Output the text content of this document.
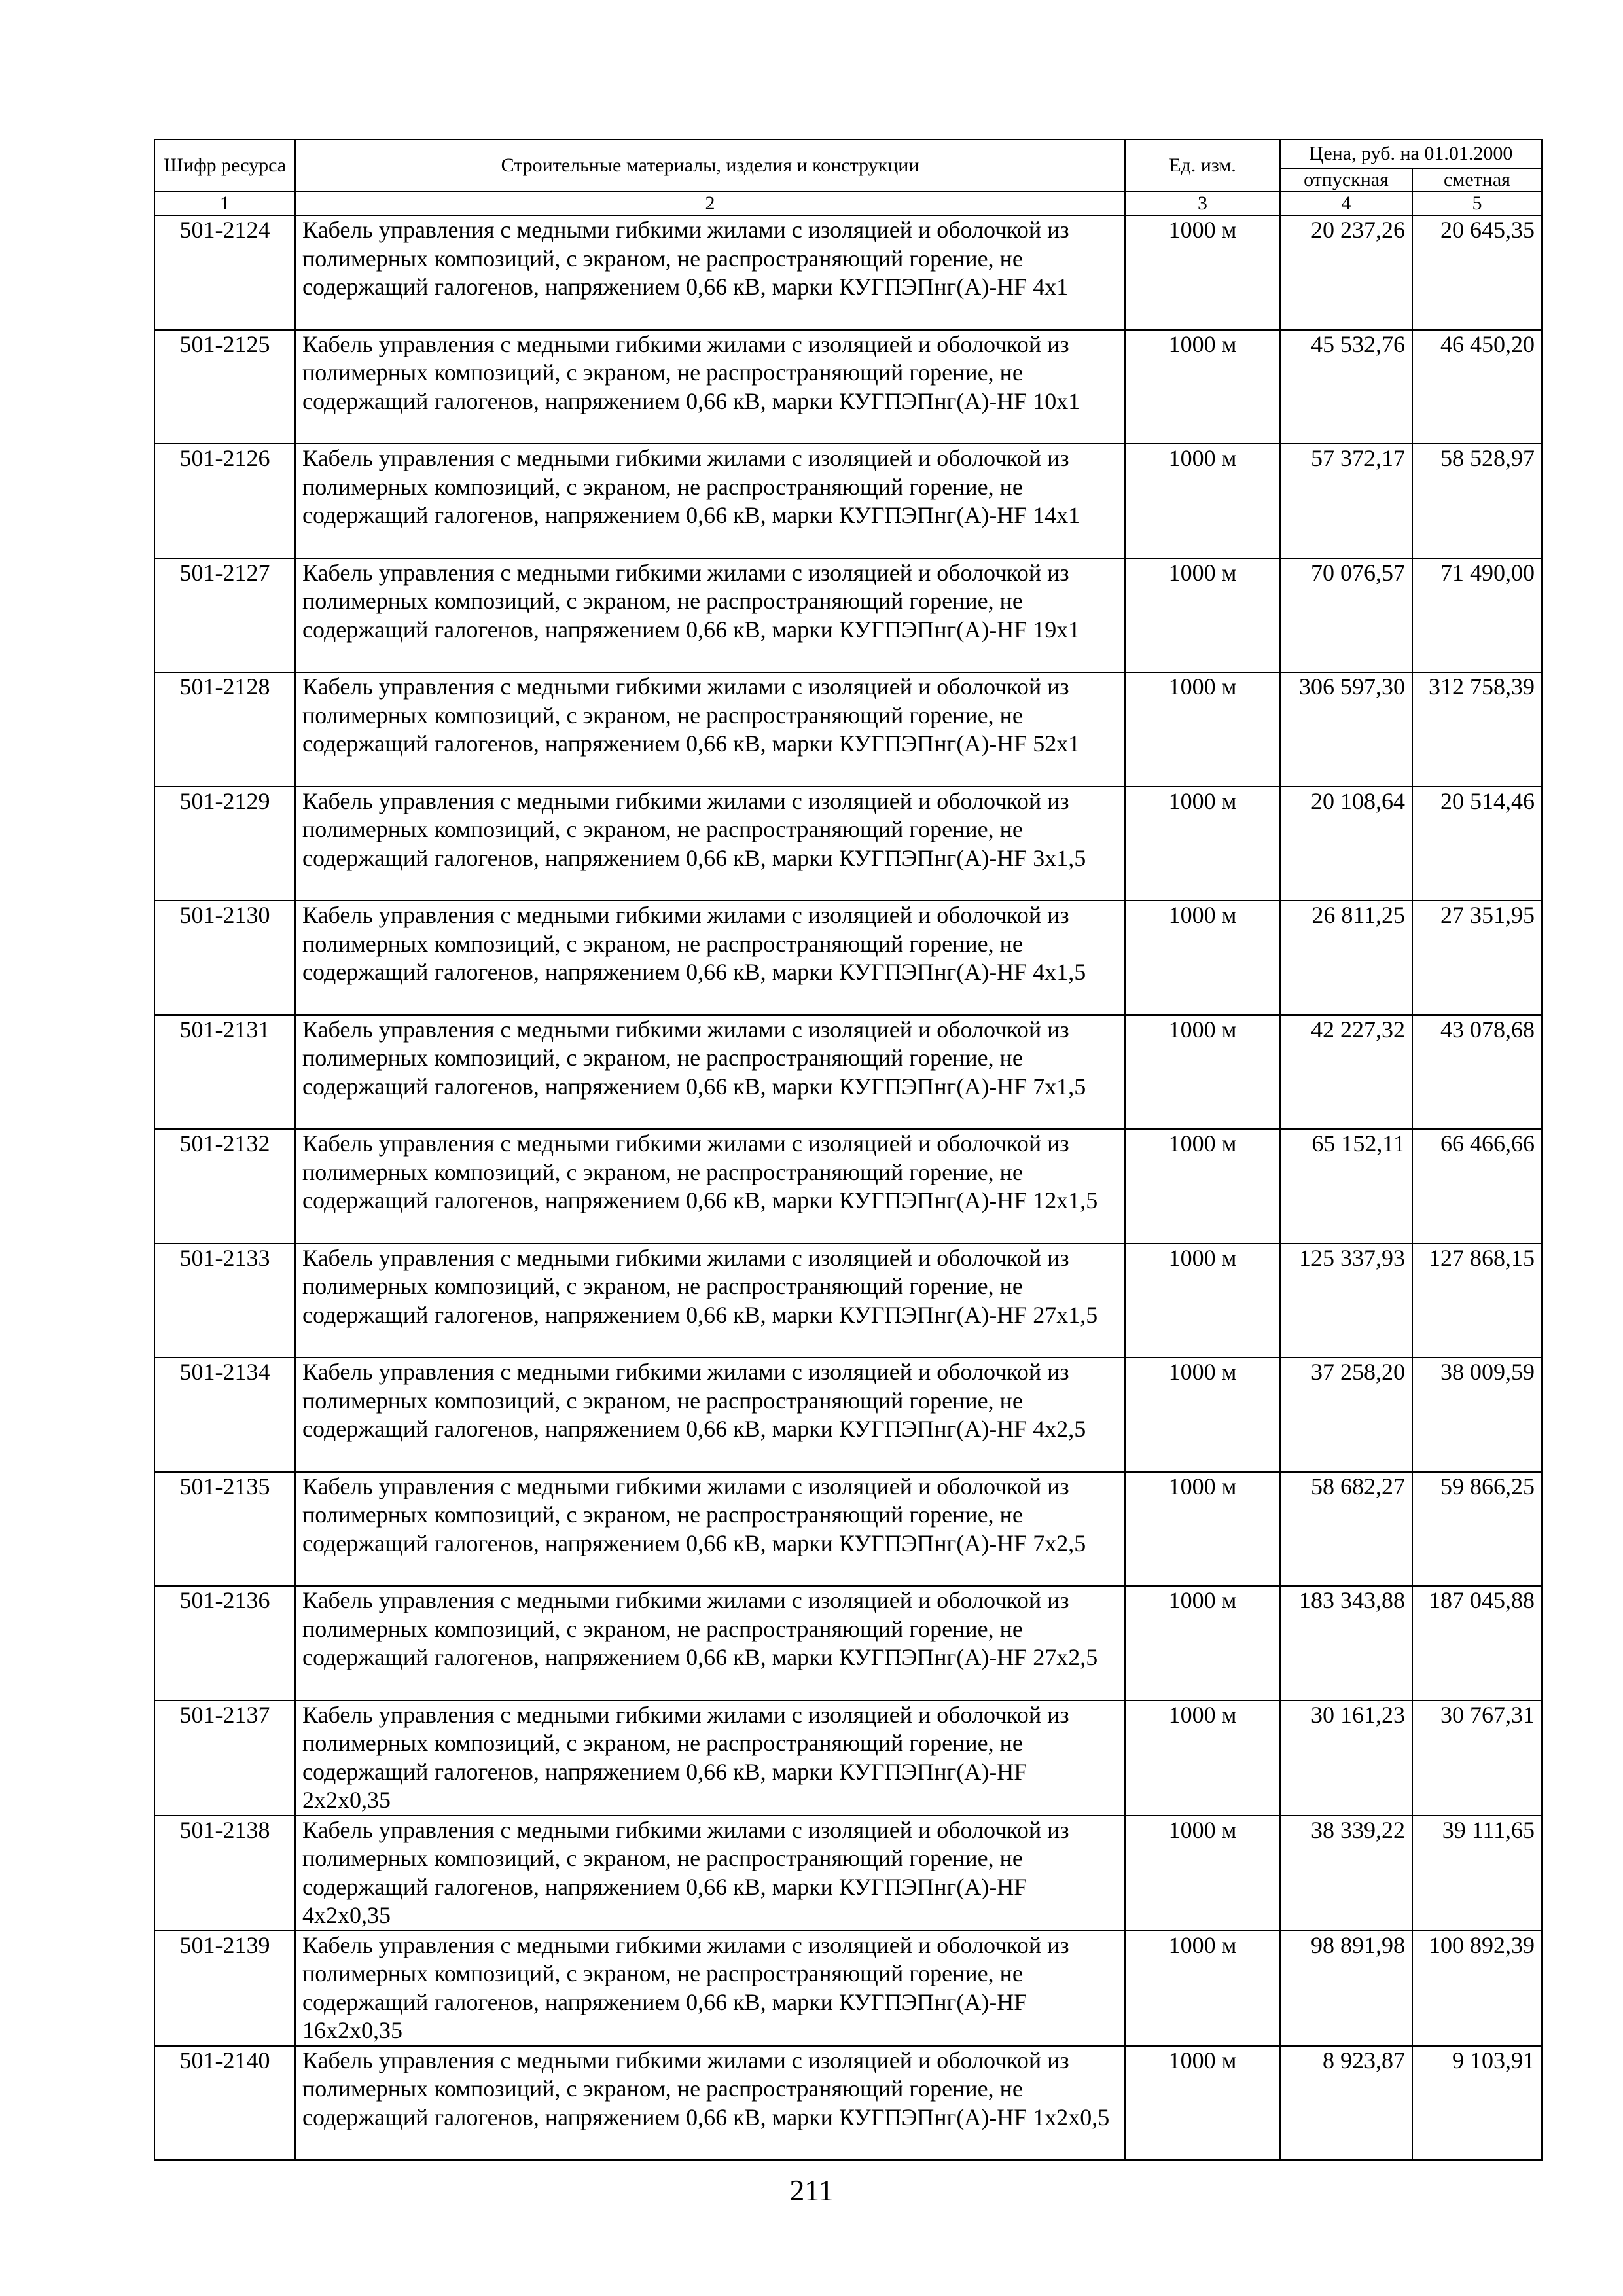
Шифр ресурса	Строительные материалы, изделия и конструкции	Ед. изм.	Цена, руб. на 01.01.2000	
			отпускная	сметная
1	2	3	4	5
501-2124	Кабель управления с медными гибкими жилами с изоляцией и оболочкой из полимерных композиций, с экраном, не распространяющий горение, не содержащий галогенов, напряжением 0,66 кВ, марки КУГПЭПнг(А)-HF 4x1	1000 м	20 237,26	20 645,35
501-2125	Кабель управления с медными гибкими жилами с изоляцией и оболочкой из полимерных композиций, с экраном, не распространяющий горение, не содержащий галогенов, напряжением 0,66 кВ, марки КУГПЭПнг(А)-HF 10x1	1000 м	45 532,76	46 450,20
501-2126	Кабель управления с медными гибкими жилами с изоляцией и оболочкой из полимерных композиций, с экраном, не распространяющий горение, не содержащий галогенов, напряжением 0,66 кВ, марки КУГПЭПнг(А)-HF 14x1	1000 м	57 372,17	58 528,97
501-2127	Кабель управления с медными гибкими жилами с изоляцией и оболочкой из полимерных композиций, с экраном, не распространяющий горение, не содержащий галогенов, напряжением 0,66 кВ, марки КУГПЭПнг(А)-HF 19x1	1000 м	70 076,57	71 490,00
501-2128	Кабель управления с медными гибкими жилами с изоляцией и оболочкой из полимерных композиций, с экраном, не распространяющий горение, не содержащий галогенов, напряжением 0,66 кВ, марки КУГПЭПнг(А)-HF 52x1	1000 м	306 597,30	312 758,39
501-2129	Кабель управления с медными гибкими жилами с изоляцией и оболочкой из полимерных композиций, с экраном, не распространяющий горение, не содержащий галогенов, напряжением 0,66 кВ, марки КУГПЭПнг(А)-HF 3x1,5	1000 м	20 108,64	20 514,46
501-2130	Кабель управления с медными гибкими жилами с изоляцией и оболочкой из полимерных композиций, с экраном, не распространяющий горение, не содержащий галогенов, напряжением 0,66 кВ, марки КУГПЭПнг(А)-HF 4x1,5	1000 м	26 811,25	27 351,95
501-2131	Кабель управления с медными гибкими жилами с изоляцией и оболочкой из полимерных композиций, с экраном, не распространяющий горение, не содержащий галогенов, напряжением 0,66 кВ, марки КУГПЭПнг(А)-HF 7x1,5	1000 м	42 227,32	43 078,68
501-2132	Кабель управления с медными гибкими жилами с изоляцией и оболочкой из полимерных композиций, с экраном, не распространяющий горение, не содержащий галогенов, напряжением 0,66 кВ, марки КУГПЭПнг(А)-HF 12x1,5	1000 м	65 152,11	66 466,66
501-2133	Кабель управления с медными гибкими жилами с изоляцией и оболочкой из полимерных композиций, с экраном, не распространяющий горение, не содержащий галогенов, напряжением 0,66 кВ, марки КУГПЭПнг(А)-HF 27x1,5	1000 м	125 337,93	127 868,15
501-2134	Кабель управления с медными гибкими жилами с изоляцией и оболочкой из полимерных композиций, с экраном, не распространяющий горение, не содержащий галогенов, напряжением 0,66 кВ, марки КУГПЭПнг(А)-HF 4x2,5	1000 м	37 258,20	38 009,59
501-2135	Кабель управления с медными гибкими жилами с изоляцией и оболочкой из полимерных композиций, с экраном, не распространяющий горение, не содержащий галогенов, напряжением 0,66 кВ, марки КУГПЭПнг(А)-HF 7x2,5	1000 м	58 682,27	59 866,25
501-2136	Кабель управления с медными гибкими жилами с изоляцией и оболочкой из полимерных композиций, с экраном, не распространяющий горение, не содержащий галогенов, напряжением 0,66 кВ, марки КУГПЭПнг(А)-HF 27x2,5	1000 м	183 343,88	187 045,88
501-2137	Кабель управления с медными гибкими жилами с изоляцией и оболочкой из полимерных композиций, с экраном, не распространяющий горение, не содержащий галогенов, напряжением 0,66 кВ, марки КУГПЭПнг(А)-HF 2x2x0,35	1000 м	30 161,23	30 767,31
501-2138	Кабель управления с медными гибкими жилами с изоляцией и оболочкой из полимерных композиций, с экраном, не распространяющий горение, не содержащий галогенов, напряжением 0,66 кВ, марки КУГПЭПнг(А)-HF 4x2x0,35	1000 м	38 339,22	39 111,65
501-2139	Кабель управления с медными гибкими жилами с изоляцией и оболочкой из полимерных композиций, с экраном, не распространяющий горение, не содержащий галогенов, напряжением 0,66 кВ, марки КУГПЭПнг(А)-HF 16x2x0,35	1000 м	98 891,98	100 892,39
501-2140	Кабель управления с медными гибкими жилами с изоляцией и оболочкой из полимерных композиций, с экраном, не распространяющий горение, не содержащий галогенов, напряжением 0,66 кВ, марки КУГПЭПнг(А)-HF 1x2x0,5	1000 м	8 923,87	9 103,91
211
